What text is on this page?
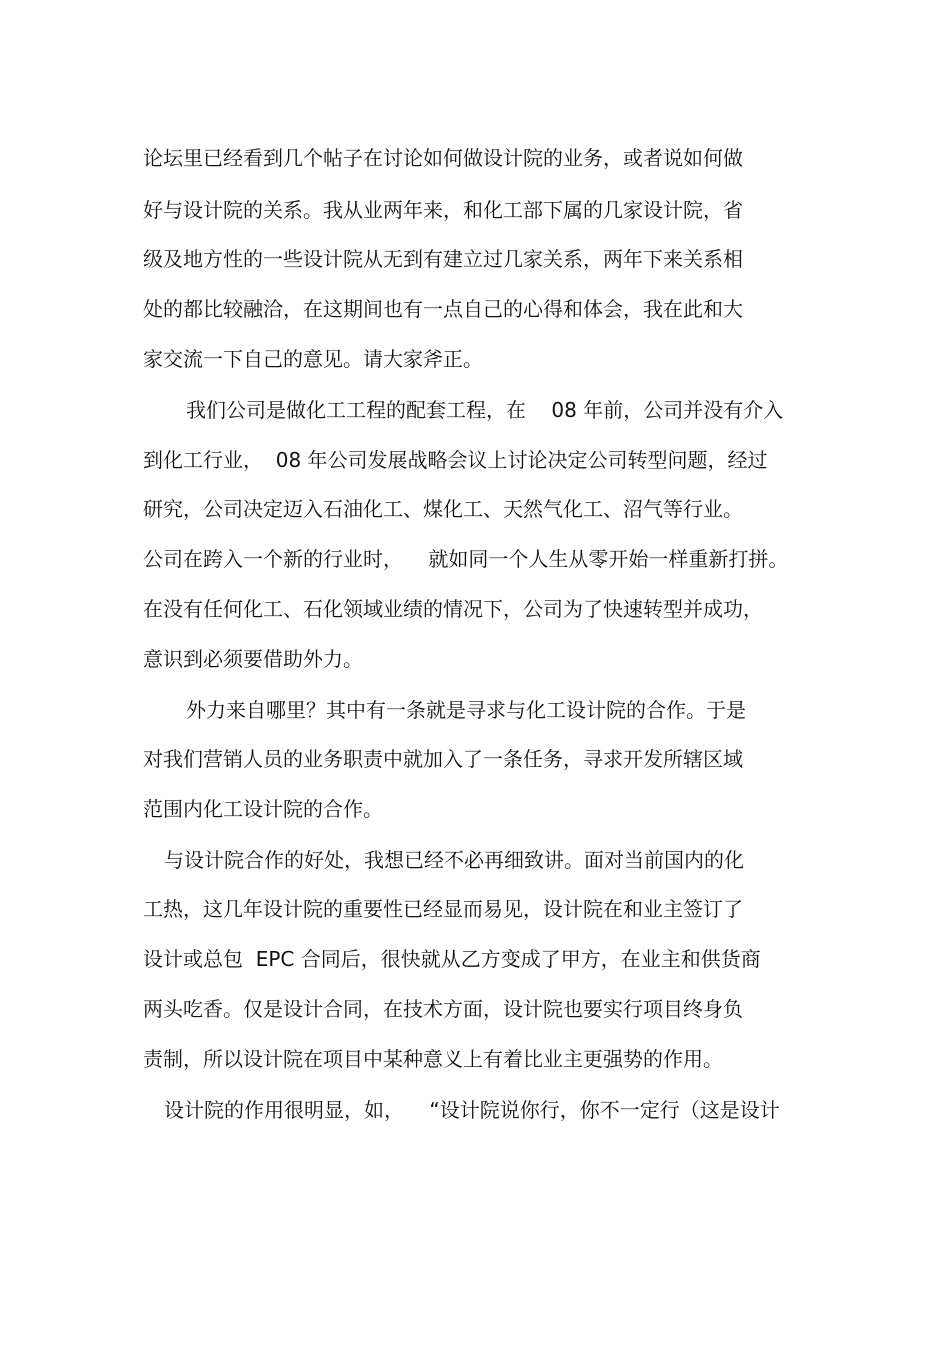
论坛里已经看到几个帖子在讨论如何做设计院的业务，或者说如何做
好与设计院的关系。我从业两年来，和化工部下属的几家设计院，省
级及地方性的一些设计院从无到有建立过几家关系，两年下来关系相
处的都比较融洽，在这期间也有一点自己的心得和体会，我在此和大
家交流一下自己的意见。请大家斧正。
我们公司是做化工工程的配套工程，在    08 年前，公司并没有介入
到化工行业，  08 年公司发展战略会议上讨论决定公司转型问题，经过
研究，公司决定迈入石油化工、煤化工、天然气化工、沼气等行业。
公司在跨入一个新的行业时，    就如同一个人生从零开始一样重新打拼。
在没有任何化工、石化领域业绩的情况下，公司为了快速转型并成功，
意识到必须要借助外力。
外力来自哪里？其中有一条就是寻求与化工设计院的合作。于是
对我们营销人员的业务职责中就加入了一条任务，寻求开发所辖区域
范围内化工设计院的合作。
与设计院合作的好处，我想已经不必再细致讲。面对当前国内的化
工热，这几年设计院的重要性已经显而易见，设计院在和业主签订了
设计或总包  EPC 合同后，很快就从乙方变成了甲方，在业主和供货商
两头吃香。仅是设计合同，在技术方面，设计院也要实行项目终身负
责制，所以设计院在项目中某种意义上有着比业主更强势的作用。
设计院的作用很明显，如，    “设计院说你行，你不一定行（这是设计
